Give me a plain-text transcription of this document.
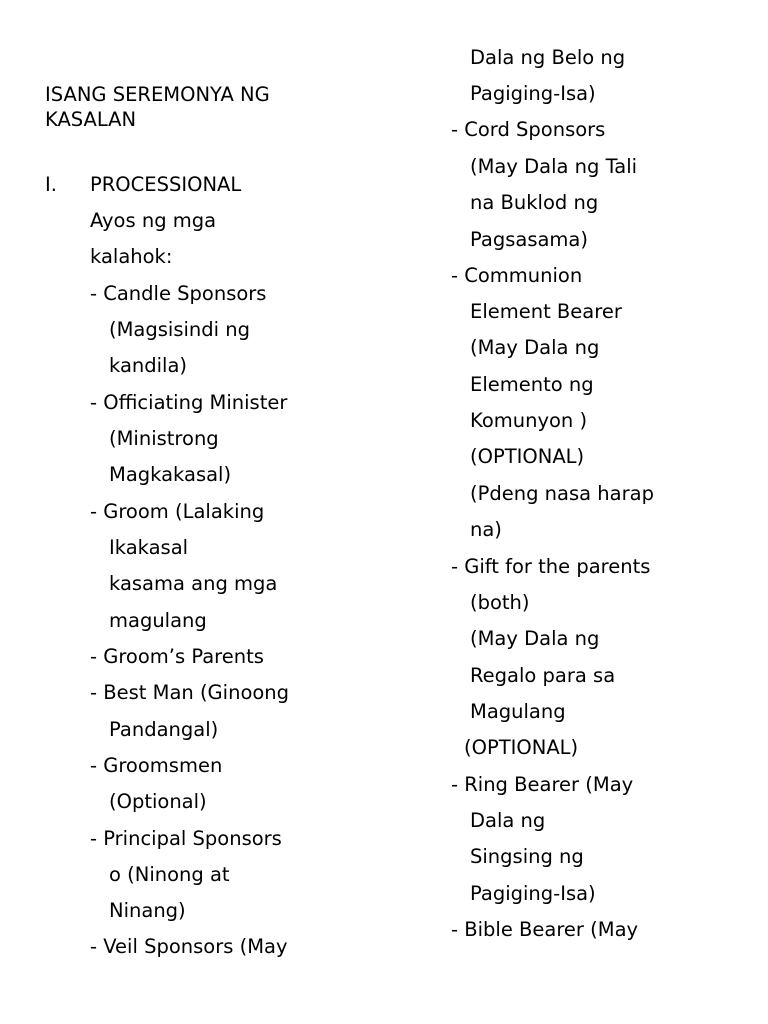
ISANG SEREMONYA NG

KASALAN

I. PROCESSIONAL

Ayos ng mga

kalahok:

- Candle Sponsors

(Magsisindi ng

kandila)

- Officiating Minister

(Ministrong

Magkakasal)

- Groom (Lalaking

Ikakasal

kasama ang mga

magulang

- Groom’s Parents

- Best Man (Ginoong

Pandangal)

- Groomsmen

(Optional)

- Principal Sponsors

o (Ninong at

Ninang)

- Veil Sponsors (May

Dala ng Belo ng

Pagiging-Isa)

- Cord Sponsors

(May Dala ng Tali

na Buklod ng

Pagsasama)

- Communion

Element Bearer

(May Dala ng

Elemento ng

Komunyon )

(OPTIONAL)

(Pdeng nasa harap

na)

- Gift for the parents

(both)

(May Dala ng

Regalo para sa

Magulang

(OPTIONAL)

- Ring Bearer (May

Dala ng

Singsing ng

Pagiging-Isa)

- Bible Bearer (May
